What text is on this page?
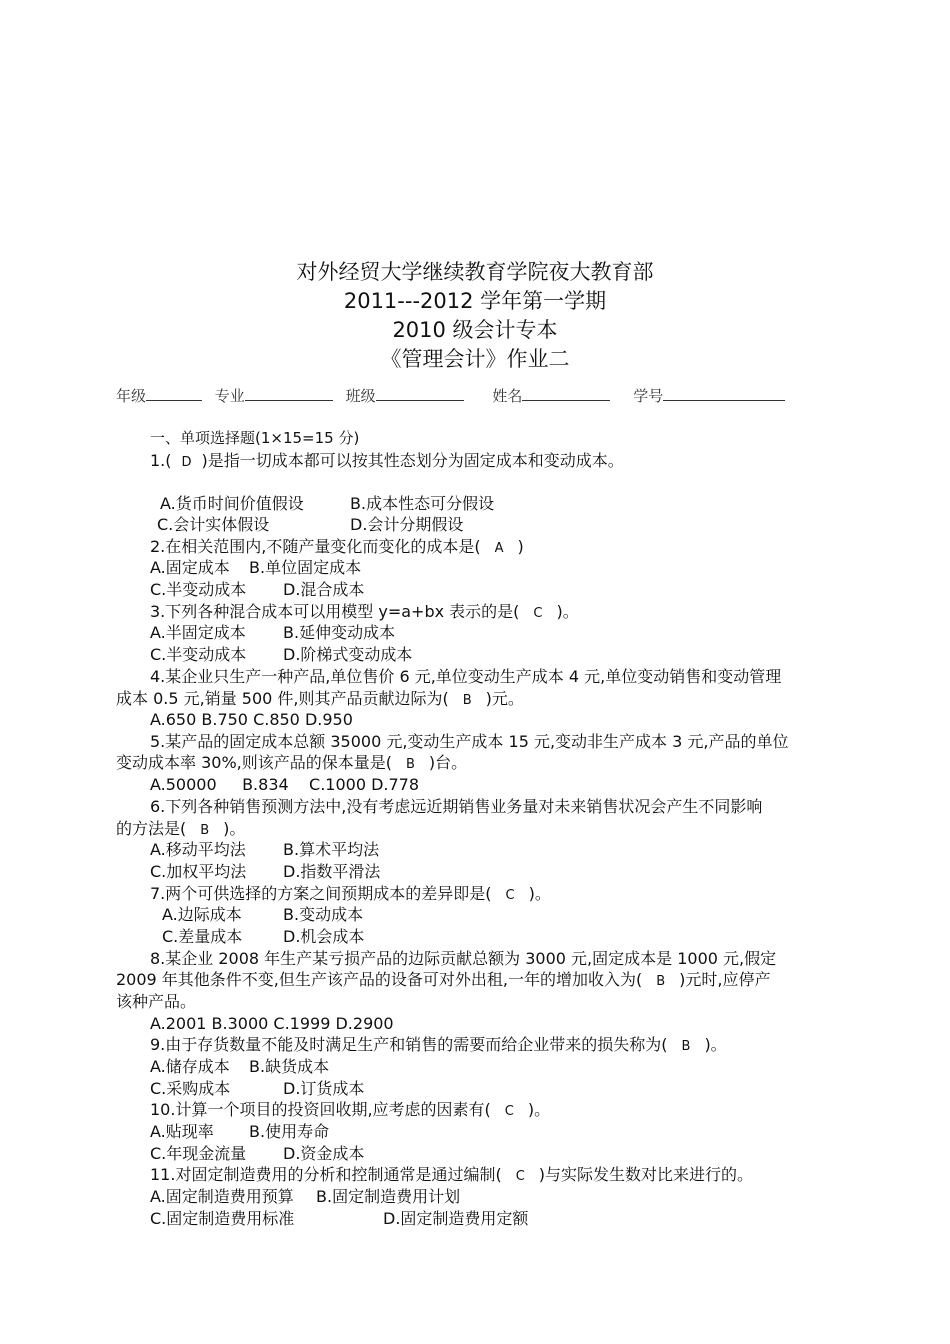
对外经贸大学继续教育学院夜大教育部
2011---2012 学年第一学期
2010 级会计专本
《管理会计》作业二
年级	专业	班级	姓名	学号
一、单项选择题(1×15=15 分)
1.( D )是指一切成本都可以按其性态划分为固定成本和变动成本。
A.货币时间价值假设	B.成本性态可分假设
C.会计实体假设	D.会计分期假设
2.在相关范围内,不随产量变化而变化的成本是( A )
A.固定成本 B.单位固定成本
C.半变动成本 D.混合成本
3.下列各种混合成本可以用模型 y=a+bx 表示的是( C )。
A.半固定成本 B.延伸变动成本
C.半变动成本 D.阶梯式变动成本
4.某企业只生产一种产品,单位售价 6 元,单位变动生产成本 4 元,单位变动销售和变动管理
成本 0.5 元,销量 500 件,则其产品贡献边际为( B )元。
A.650 B.750 C.850 D.950
5.某产品的固定成本总额 35000 元,变动生产成本 15 元,变动非生产成本 3 元,产品的单位
变动成本率 30%,则该产品的保本量是( B )台。
A.50000     B.834    C.1000 D.778
6.下列各种销售预测方法中,没有考虑远近期销售业务量对未来销售状况会产生不同影响
的方法是( B )。
A.移动平均法 B.算术平均法
C.加权平均法 D.指数平滑法
7.两个可供选择的方案之间预期成本的差异即是( C )。
A.边际成本	B.变动成本
C.差量成本	D.机会成本
8.某企业 2008 年生产某亏损产品的边际贡献总额为 3000 元,固定成本是 1000 元,假定
2009 年其他条件不变,但生产该产品的设备可对外出租,一年的增加收入为( B )元时,应停产
该种产品。
A.2001 B.3000 C.1999 D.2900
9.由于存货数量不能及时满足生产和销售的需要而给企业带来的损失称为( B )。
A.储存成本 B.缺货成本
C.采购成本	D.订货成本
10.计算一个项目的投资回收期,应考虑的因素有( C )。
A.贴现率 B.使用寿命
C.年现金流量 D.资金成本
11.对固定制造费用的分析和控制通常是通过编制( C )与实际发生数对比来进行的。
A.固定制造费用预算 B.固定制造费用计划
C.固定制造费用标准	D.固定制造费用定额
